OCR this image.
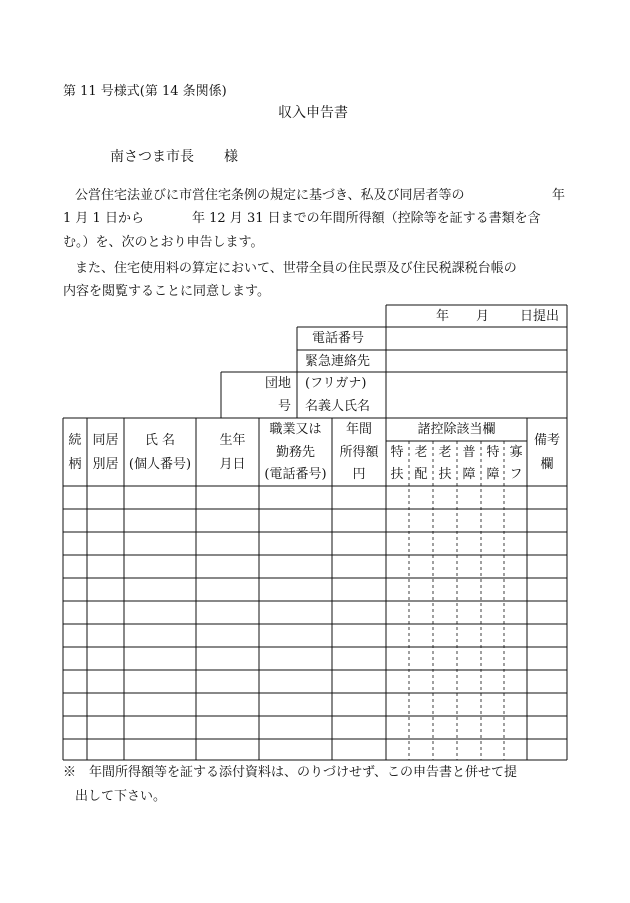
第 11 号様式(第 14 条関係)
収入申告書
南さつま市長 様
公営住宅法並びに市営住宅条例の規定に基づき、私及び同居者等の	年
1 月 1 日から	年 12 月 31 日までの年間所得額（控除等を証する書類を含
む。）を、次のとおり申告します。
また、住宅使用料の算定において、世帯全員の住民票及び住民税課税台帳の
内容を閲覧することに同意します。
年 月 日提出
電話番号
緊急連絡先
団地
号
(フリガナ)
名義人氏名
続
柄
同居
別居
氏 名
(個人番号)
生年
月日
職業又は
勤務先
(電話番号)
年間
所得額
円
諸控除該当欄
特
扶
老
配
老
扶
普
障
特
障
寡
フ
備考
欄
※　年間所得額等を証する添付資料は、のりづけせず、この申告書と併せて提
出して下さい。
